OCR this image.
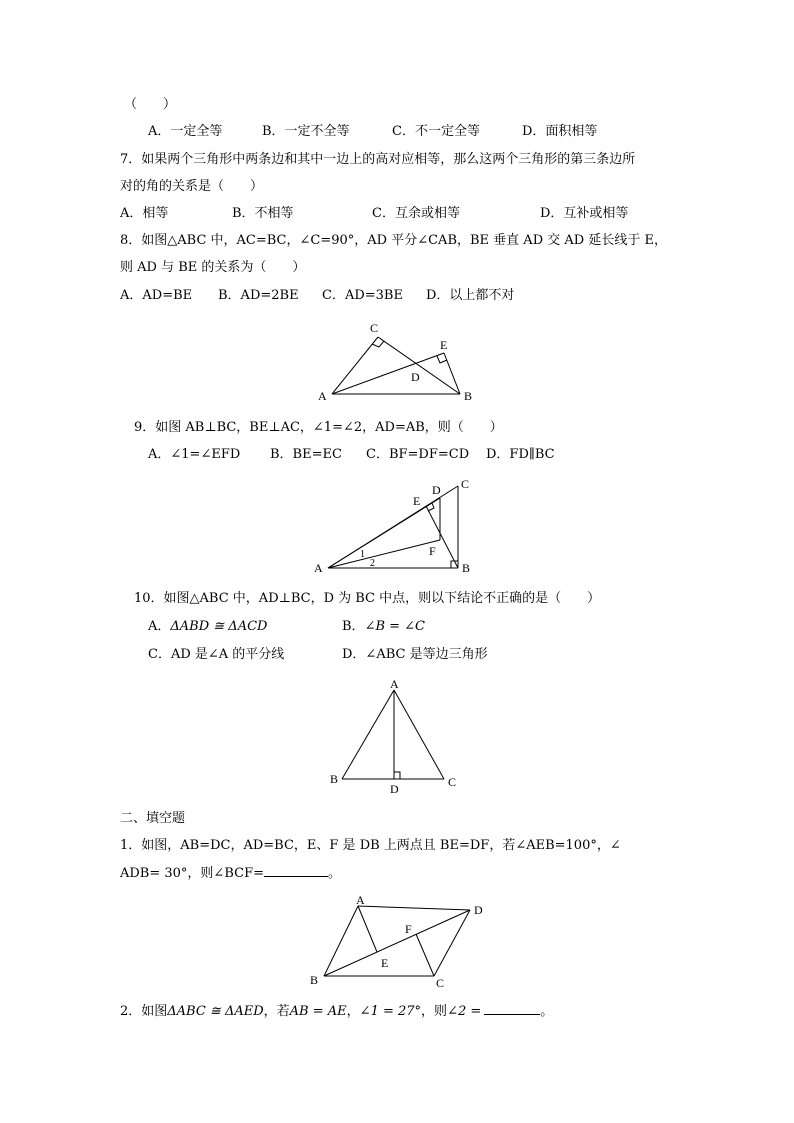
（　　）
A．一定全等	B．一定不全等	C．不一定全等	D．面积相等
7．如果两个三角形中两条边和其中一边上的高对应相等，那么这两个三角形的第三条边所
对的角的关系是（　　）
A．相等	B．不相等	C．互余或相等	D．互补或相等
8．如图△ABC 中，AC=BC，∠C=90°，AD 平分∠CAB，BE 垂直 AD 交 AD 延长线于 E，
则 AD 与 BE 的关系为（　　）
A．AD=BE B．AD=2BE C．AD=3BE D．以上都不对
C
E
D
A	B
9．如图 AB⊥BC，BE⊥AC，∠1=∠2，AD=AB，则（　　）
A．∠1=∠EFD B．BE=EC C．BF=DF=CD D．FD∥BC
C
D
E
F
A	B
1
2
10．如图△ABC 中，AD⊥BC，D 为 BC 中点，则以下结论不正确的是（　　）
A．ΔABD ≅ ΔACD	B．∠B = ∠C
C．AD 是∠A 的平分线	D．∠ABC 是等边三角形
A
B	C
D
二、填空题
1．如图，AB=DC，AD=BC，E、F 是 DB 上两点且 BE=DF，若∠AEB=100°，∠
ADB= 30°，则∠BCF=	。
A
D
F
E
B	C
2．如图ΔABC ≅ ΔAED，若AB = AE，∠1 = 27°，则∠2 =	。
